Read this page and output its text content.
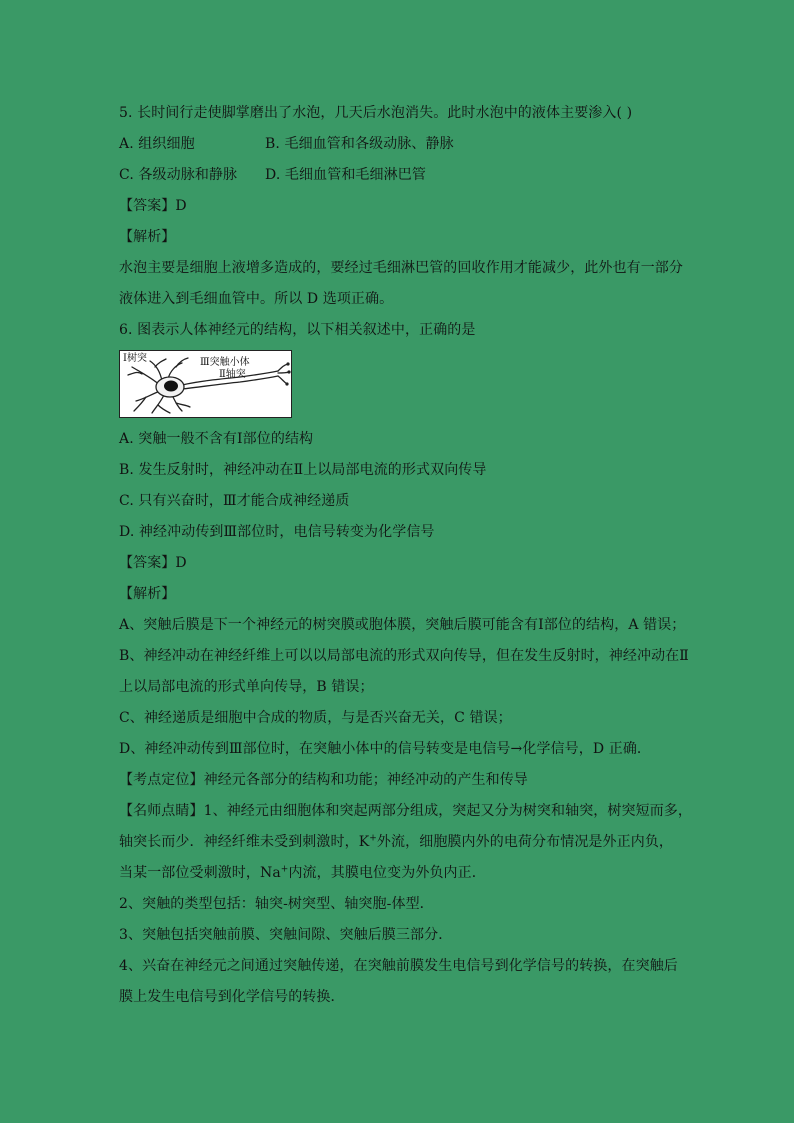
5. 长时间行走使脚掌磨出了水泡，几天后水泡消失。此时水泡中的液体主要渗入( )
A. 组织细胞	B. 毛细血管和各级动脉、静脉
C. 各级动脉和静脉 D. 毛细血管和毛细淋巴管
【答案】D
【解析】
水泡主要是细胞上液增多造成的，要经过毛细淋巴管的回收作用才能减少，此外也有一部分
液体进入到毛细血管中。所以 D 选项正确。
6. 图表示人体神经元的结构，以下相关叙述中，正确的是
Ⅰ树突	Ⅲ突触小体
Ⅱ轴突
A. 突触一般不含有Ⅰ部位的结构
B. 发生反射时，神经冲动在Ⅱ上以局部电流的形式双向传导
C. 只有兴奋时，Ⅲ才能合成神经递质
D. 神经冲动传到Ⅲ部位时，电信号转变为化学信号
【答案】D
【解析】
A、突触后膜是下一个神经元的树突膜或胞体膜，突触后膜可能含有Ⅰ部位的结构，A 错误；
B、神经冲动在神经纤维上可以以局部电流的形式双向传导，但在发生反射时，神经冲动在Ⅱ
上以局部电流的形式单向传导，B 错误；
C、神经递质是细胞中合成的物质，与是否兴奋无关，C 错误；
D、神经冲动传到Ⅲ部位时，在突触小体中的信号转变是电信号→化学信号，D 正确．
【考点定位】神经元各部分的结构和功能；神经冲动的产生和传导
【名师点睛】1、神经元由细胞体和突起两部分组成，突起又分为树突和轴突，树突短而多，
轴突长而少．神经纤维未受到刺激时，K+外流，细胞膜内外的电荷分布情况是外正内负，
当某一部位受刺激时，Na+内流，其膜电位变为外负内正．
2、突触的类型包括：轴突-树突型、轴突胞-体型．
3、突触包括突触前膜、突触间隙、突触后膜三部分．
4、兴奋在神经元之间通过突触传递，在突触前膜发生电信号到化学信号的转换，在突触后
膜上发生电信号到化学信号的转换．
